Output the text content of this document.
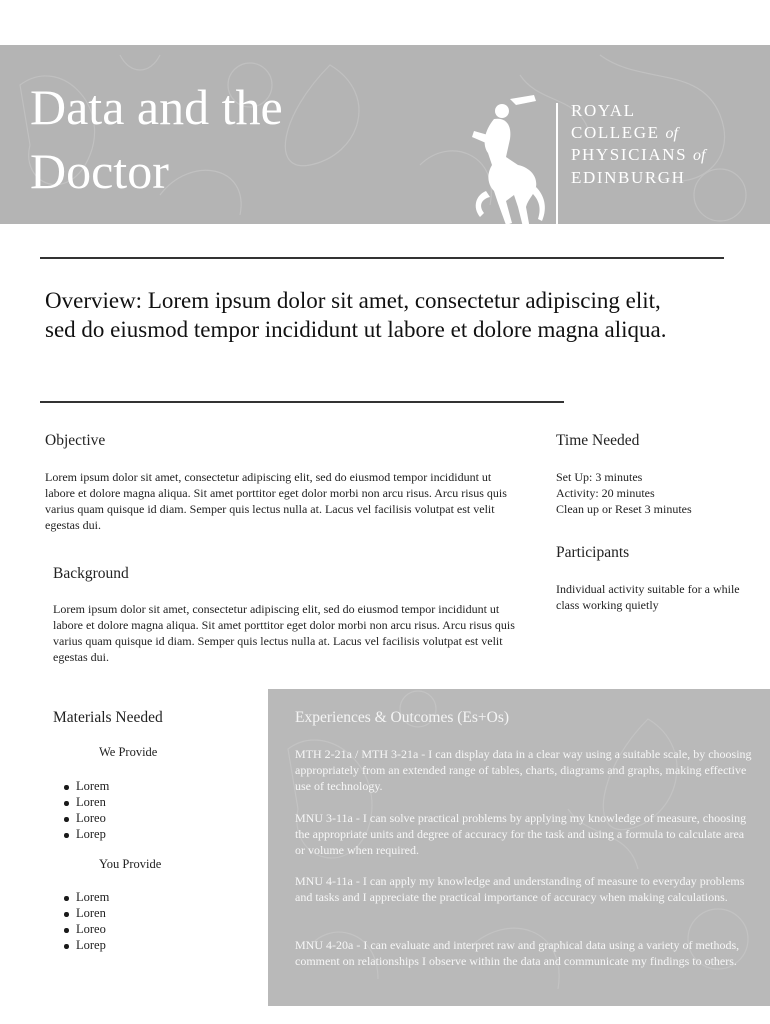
Data and the Doctor
ROYAL
COLLEGE of
PHYSICIANS of
EDINBURGH
Overview: Lorem ipsum dolor sit amet, consectetur adipiscing elit, sed do eiusmod tempor incididunt ut labore et dolore magna aliqua.
Objective
Lorem ipsum dolor sit amet, consectetur adipiscing elit, sed do eiusmod tempor incididunt ut labore et dolore magna aliqua. Sit amet porttitor eget dolor morbi non arcu risus. Arcu risus quis varius quam quisque id diam. Semper quis lectus nulla at. Lacus vel facilisis volutpat est velit egestas dui.
Background
Lorem ipsum dolor sit amet, consectetur adipiscing elit, sed do eiusmod tempor incididunt ut labore et dolore magna aliqua. Sit amet porttitor eget dolor morbi non arcu risus. Arcu risus quis varius quam quisque id diam. Semper quis lectus nulla at. Lacus vel facilisis volutpat est velit egestas dui.
Time Needed
Set Up: 3 minutes
Activity: 20 minutes
Clean up or Reset 3 minutes
Participants
Individual activity suitable for a while class working quietly
Materials Needed
We Provide
Lorem
Loren
Loreo
Lorep
You Provide
Lorem
Loren
Loreo
Lorep
Experiences & Outcomes (Es+Os)
MTH 2-21a / MTH 3-21a - I can display data in a clear way using a suitable scale, by choosing appropriately from an extended range of tables, charts, diagrams and graphs, making effective use of technology.
MNU 3-11a - I can solve practical problems by applying my knowledge of measure, choosing the appropriate units and degree of accuracy for the task and using a formula to calculate area or volume when required.
MNU 4-11a - I can apply my knowledge and understanding of measure to everyday problems and tasks and I appreciate the practical importance of accuracy when making calculations.
MNU 4-20a - I can evaluate and interpret raw and graphical data using a variety of methods, comment on relationships I observe within the data and communicate my findings to others.
